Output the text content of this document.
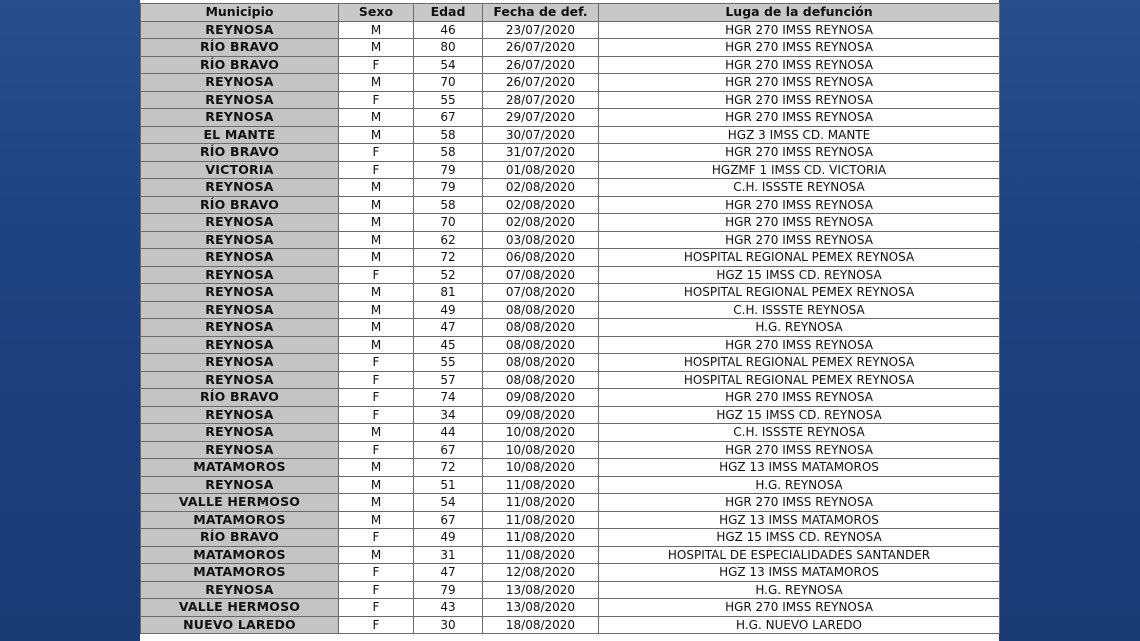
Municipio	Sexo	Edad	Fecha de def.	Luga de la defunción
REYNOSA	M	46	23/07/2020	HGR 270 IMSS REYNOSA
RÍO BRAVO	M	80	26/07/2020	HGR 270 IMSS REYNOSA
RÍO BRAVO	F	54	26/07/2020	HGR 270 IMSS REYNOSA
REYNOSA	M	70	26/07/2020	HGR 270 IMSS REYNOSA
REYNOSA	F	55	28/07/2020	HGR 270 IMSS REYNOSA
REYNOSA	M	67	29/07/2020	HGR 270 IMSS REYNOSA
EL MANTE	M	58	30/07/2020	HGZ 3 IMSS CD. MANTE
RÍO BRAVO	F	58	31/07/2020	HGR 270 IMSS REYNOSA
VICTORIA	F	79	01/08/2020	HGZMF 1 IMSS CD. VICTORIA
REYNOSA	M	79	02/08/2020	C.H. ISSSTE REYNOSA
RÍO BRAVO	M	58	02/08/2020	HGR 270 IMSS REYNOSA
REYNOSA	M	70	02/08/2020	HGR 270 IMSS REYNOSA
REYNOSA	M	62	03/08/2020	HGR 270 IMSS REYNOSA
REYNOSA	M	72	06/08/2020	HOSPITAL REGIONAL PEMEX REYNOSA
REYNOSA	F	52	07/08/2020	HGZ 15 IMSS CD. REYNOSA
REYNOSA	M	81	07/08/2020	HOSPITAL REGIONAL PEMEX REYNOSA
REYNOSA	M	49	08/08/2020	C.H. ISSSTE REYNOSA
REYNOSA	M	47	08/08/2020	H.G. REYNOSA
REYNOSA	M	45	08/08/2020	HGR 270 IMSS REYNOSA
REYNOSA	F	55	08/08/2020	HOSPITAL REGIONAL PEMEX REYNOSA
REYNOSA	F	57	08/08/2020	HOSPITAL REGIONAL PEMEX REYNOSA
RÍO BRAVO	F	74	09/08/2020	HGR 270 IMSS REYNOSA
REYNOSA	F	34	09/08/2020	HGZ 15 IMSS CD. REYNOSA
REYNOSA	M	44	10/08/2020	C.H. ISSSTE REYNOSA
REYNOSA	F	67	10/08/2020	HGR 270 IMSS REYNOSA
MATAMOROS	M	72	10/08/2020	HGZ 13 IMSS MATAMOROS
REYNOSA	M	51	11/08/2020	H.G. REYNOSA
VALLE HERMOSO	M	54	11/08/2020	HGR 270 IMSS REYNOSA
MATAMOROS	M	67	11/08/2020	HGZ 13 IMSS MATAMOROS
RÍO BRAVO	F	49	11/08/2020	HGZ 15 IMSS CD. REYNOSA
MATAMOROS	M	31	11/08/2020	HOSPITAL DE ESPECIALIDADES SANTANDER
MATAMOROS	F	47	12/08/2020	HGZ 13 IMSS MATAMOROS
REYNOSA	F	79	13/08/2020	H.G. REYNOSA
VALLE HERMOSO	F	43	13/08/2020	HGR 270 IMSS REYNOSA
NUEVO LAREDO	F	30	18/08/2020	H.G. NUEVO LAREDO
